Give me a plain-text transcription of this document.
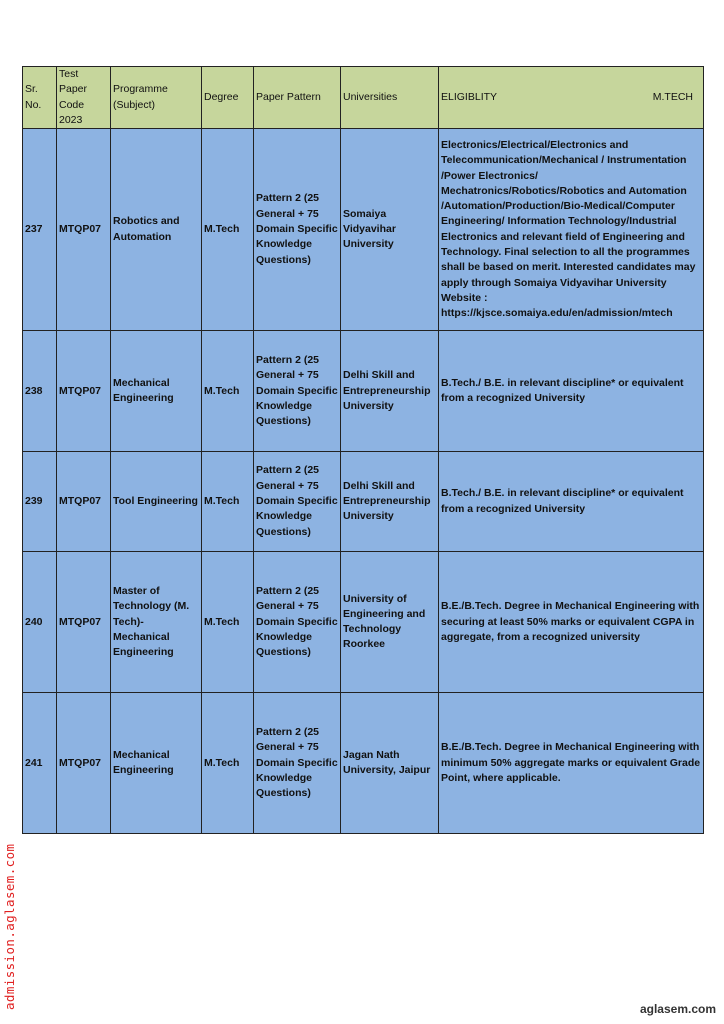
Sr. No.	Test Paper Code 2023	Programme (Subject)	Degree	Paper Pattern	Universities	ELIGIBLITY M.TECH

237	MTQP07	Robotics and Automation	M.Tech	Pattern 2 (25 General + 75 Domain Specific Knowledge Questions)	Somaiya Vidyavihar University	Electronics/Electrical/Electronics and Telecommunication/Mechanical / Instrumentation /Power Electronics/ Mechatronics/Robotics/Robotics and Automation /Automation/Production/Bio-Medical/Computer Engineering/ Information Technology/Industrial Electronics and relevant field of Engineering and Technology. Final selection to all the programmes shall be based on merit. Interested candidates may apply through Somaiya Vidyavihar University Website : https://kjsce.somaiya.edu/en/admission/mtech
238	MTQP07	Mechanical Engineering	M.Tech	Pattern 2 (25 General + 75 Domain Specific Knowledge Questions)	Delhi Skill and Entrepreneurship University	B.Tech./ B.E. in relevant discipline* or equivalent from a recognized University
239	MTQP07	Tool Engineering	M.Tech	Pattern 2 (25 General + 75 Domain Specific Knowledge Questions)	Delhi Skill and Entrepreneurship University	B.Tech./ B.E. in relevant discipline* or equivalent from a recognized University
240	MTQP07	Master of Technology (M. Tech)- Mechanical Engineering	M.Tech	Pattern 2 (25 General + 75 Domain Specific Knowledge Questions)	University of Engineering and Technology Roorkee	B.E./B.Tech. Degree in Mechanical Engineering with securing at least 50% marks or equivalent CGPA in aggregate, from a recognized university
241	MTQP07	Mechanical Engineering	M.Tech	Pattern 2 (25 General + 75 Domain Specific Knowledge Questions)	Jagan Nath University, Jaipur	B.E./B.Tech. Degree in Mechanical Engineering with minimum 50% aggregate marks or equivalent Grade Point, where applicable.
admission.aglasem.com	aglasem.com
